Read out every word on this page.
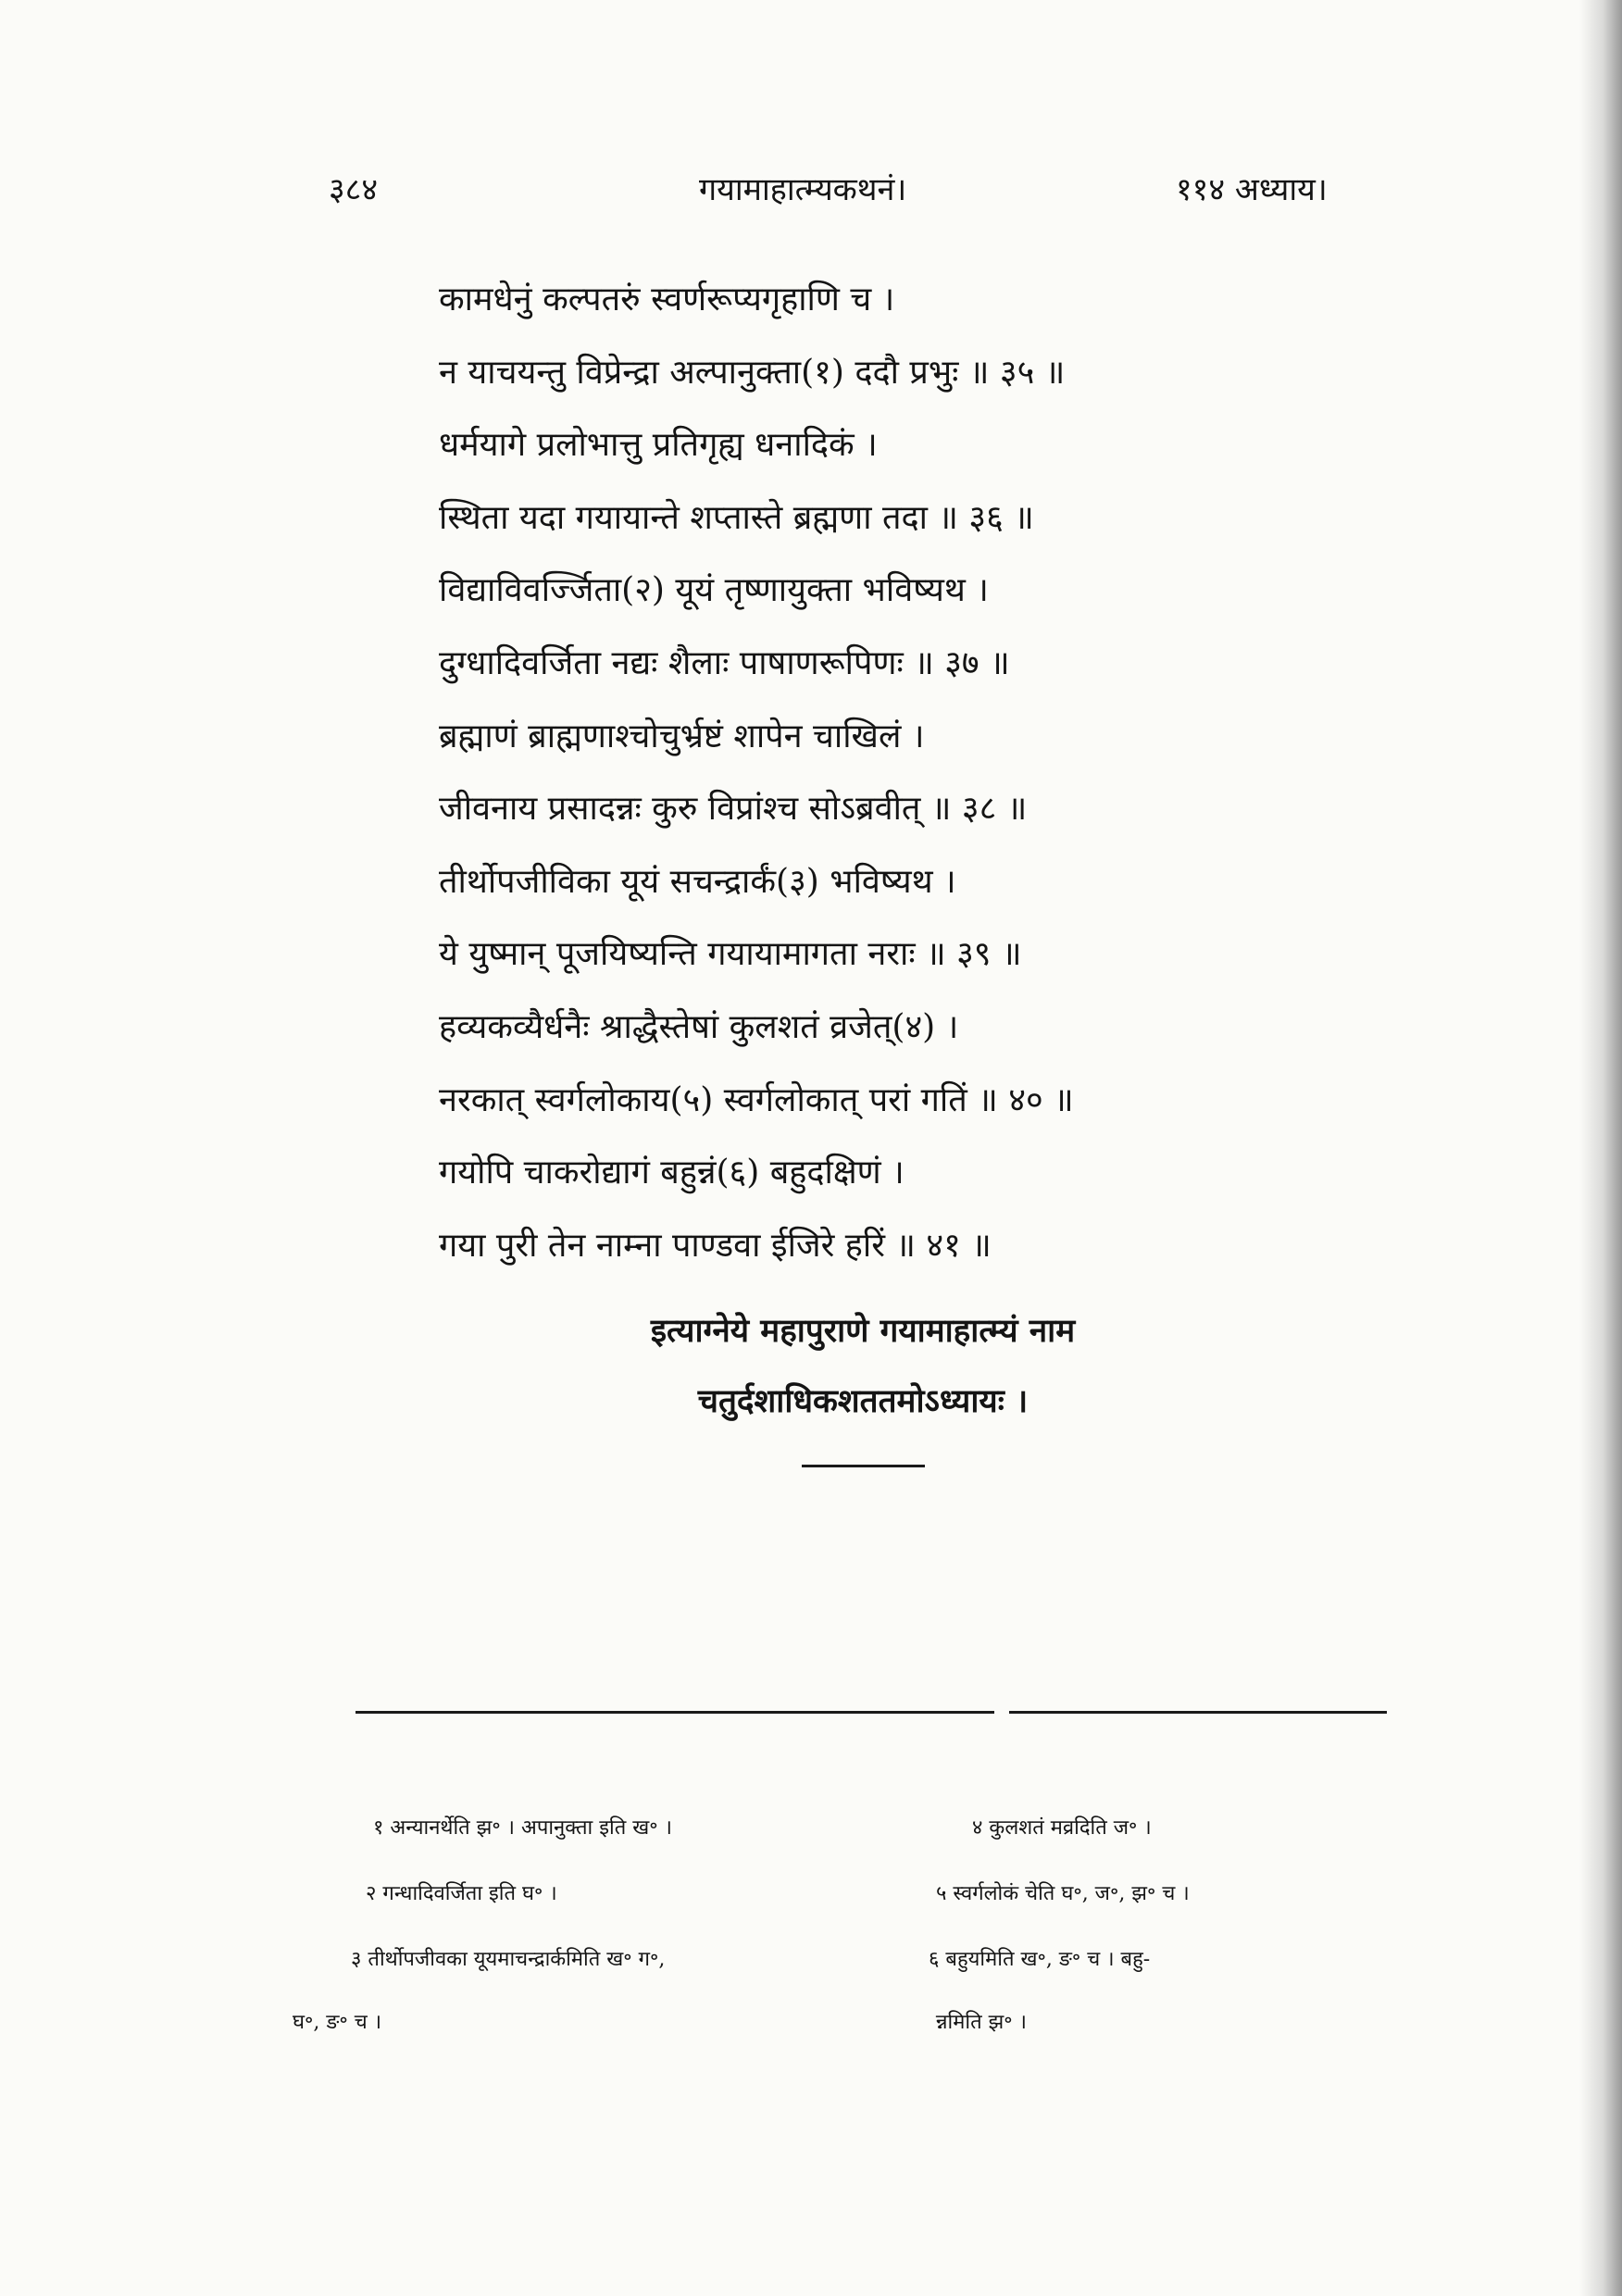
३८४	गयामाहात्म्यकथनं।	११४ अध्याय।
कामधेनुं कल्पतरुं स्वर्णरूप्यगृहाणि च ।
न याचयन्तु विप्रेन्द्रा अल्पानुक्ता(१) ददौ प्रभुः ॥ ३५ ॥
धर्मयागे प्रलोभात्तु प्रतिगृह्य धनादिकं ।
स्थिता यदा गयायान्ते शप्तास्ते ब्रह्मणा तदा ॥ ३६ ॥
विद्याविवर्ज्जिता(२) यूयं तृष्णायुक्ता भविष्यथ ।
दुग्धादिवर्जिता नद्यः शैलाः पाषाणरूपिणः ॥ ३७ ॥
ब्रह्माणं ब्राह्मणाश्चोचुर्भ्रष्टं शापेन चाखिलं ।
जीवनाय प्रसादन्नः कुरु विप्रांश्च सोऽब्रवीत् ॥ ३८ ॥
तीर्थोपजीविका यूयं सचन्द्रार्कं(३) भविष्यथ ।
ये युष्मान् पूजयिष्यन्ति गयायामागता नराः ॥ ३९ ॥
हव्यकव्यैर्धनैः श्राद्धैस्तेषां कुलशतं व्रजेत्(४) ।
नरकात् स्वर्गलोकाय(५) स्वर्गलोकात् परां गतिं ॥ ४० ॥
गयोपि चाकरोद्यागं बहुन्नं(६) बहुदक्षिणं ।
गया पुरी तेन नाम्ना पाण्डवा ईजिरे हरिं ॥ ४१ ॥
इत्याग्नेये महापुराणे गयामाहात्म्यं नाम
चतुर्दशाधिकशततमोऽध्यायः ।
१ अन्यानर्थेति झ॰ । अपानुक्ता इति ख॰ ।	४ कुलशतं मव्रदिति ज॰ ।
२ गन्धादिवर्जिता इति घ॰ ।	५ स्वर्गलोकं चेति घ॰, ज॰, झ॰ च ।
३ तीर्थोपजीवका यूयमाचन्द्रार्कमिति ख॰ ग॰,	६ बहुयमिति ख॰, ङ॰ च । बहु-
घ॰, ङ॰ च ।	न्नमिति झ॰ ।
